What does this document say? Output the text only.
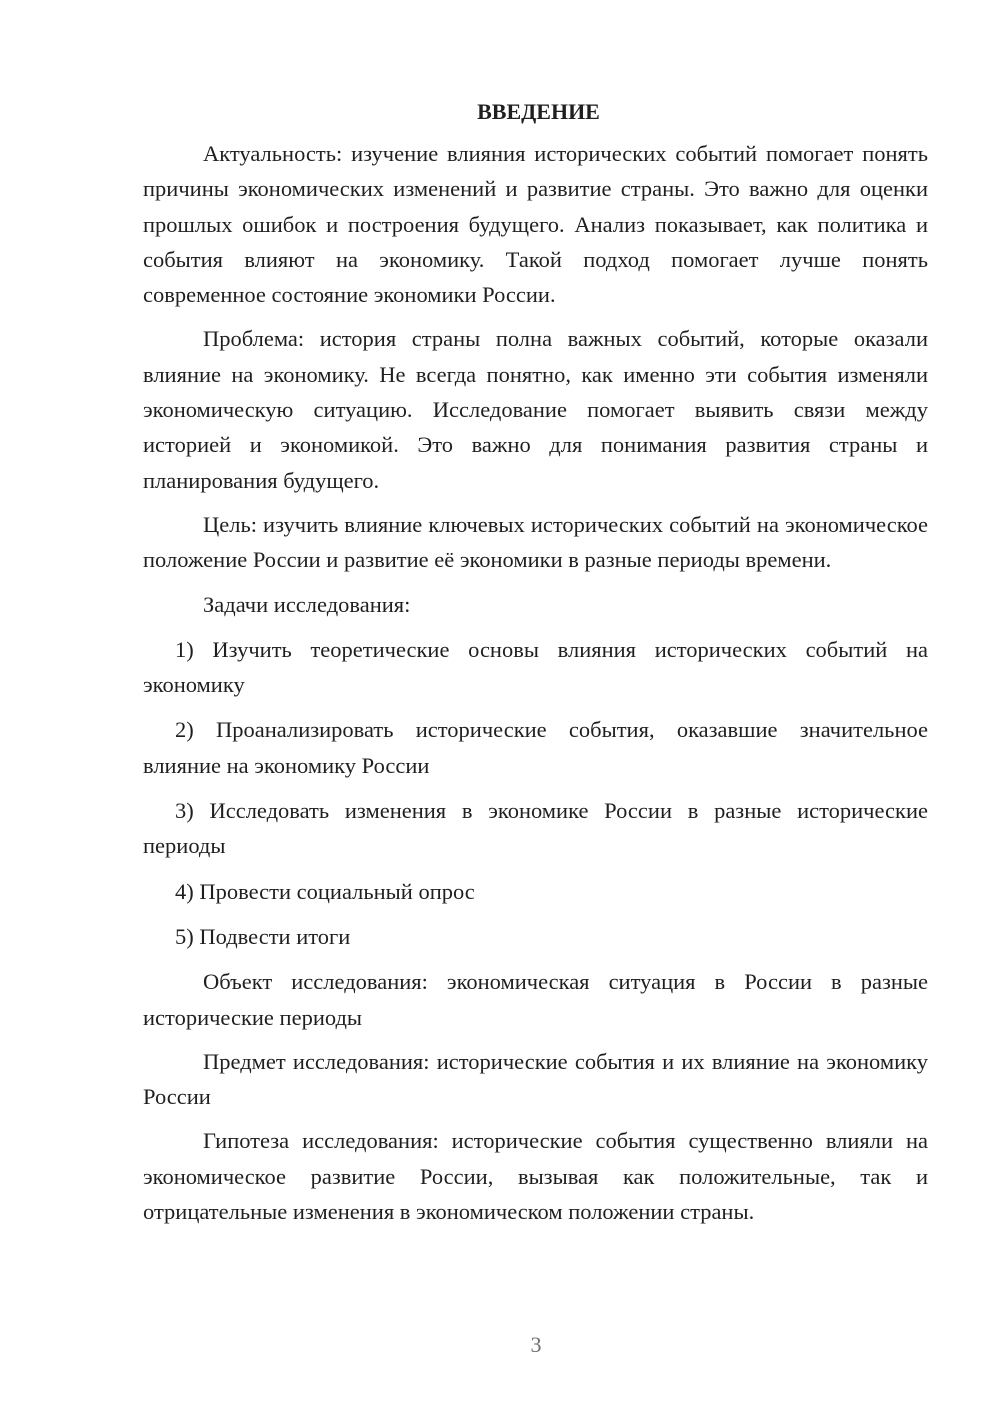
ВВЕДЕНИЕ

Актуальность: изучение влияния исторических событий помогает понять причины экономических изменений и развитие страны. Это важно для оценки прошлых ошибок и построения будущего. Анализ показывает, как политика и события влияют на экономику. Такой подход помогает лучше понять современное состояние экономики России.

Проблема: история страны полна важных событий, которые оказали влияние на экономику. Не всегда понятно, как именно эти события изменяли экономическую ситуацию. Исследование помогает выявить связи между историей и экономикой. Это важно для понимания развития страны и планирования будущего.

Цель: изучить влияние ключевых исторических событий на экономическое положение России и развитие её экономики в разные периоды времени.

Задачи исследования:

1) Изучить теоретические основы влияния исторических событий на экономику

2) Проанализировать исторические события, оказавшие значительное влияние на экономику России

3) Исследовать изменения в экономике России в разные исторические периоды

4) Провести социальный опрос

5) Подвести итоги

Объект исследования: экономическая ситуация в России в разные исторические периоды

Предмет исследования: исторические события и их влияние на экономику России

Гипотеза исследования: исторические события существенно влияли на экономическое развитие России, вызывая как положительные, так и отрицательные изменения в экономическом положении страны.

3
